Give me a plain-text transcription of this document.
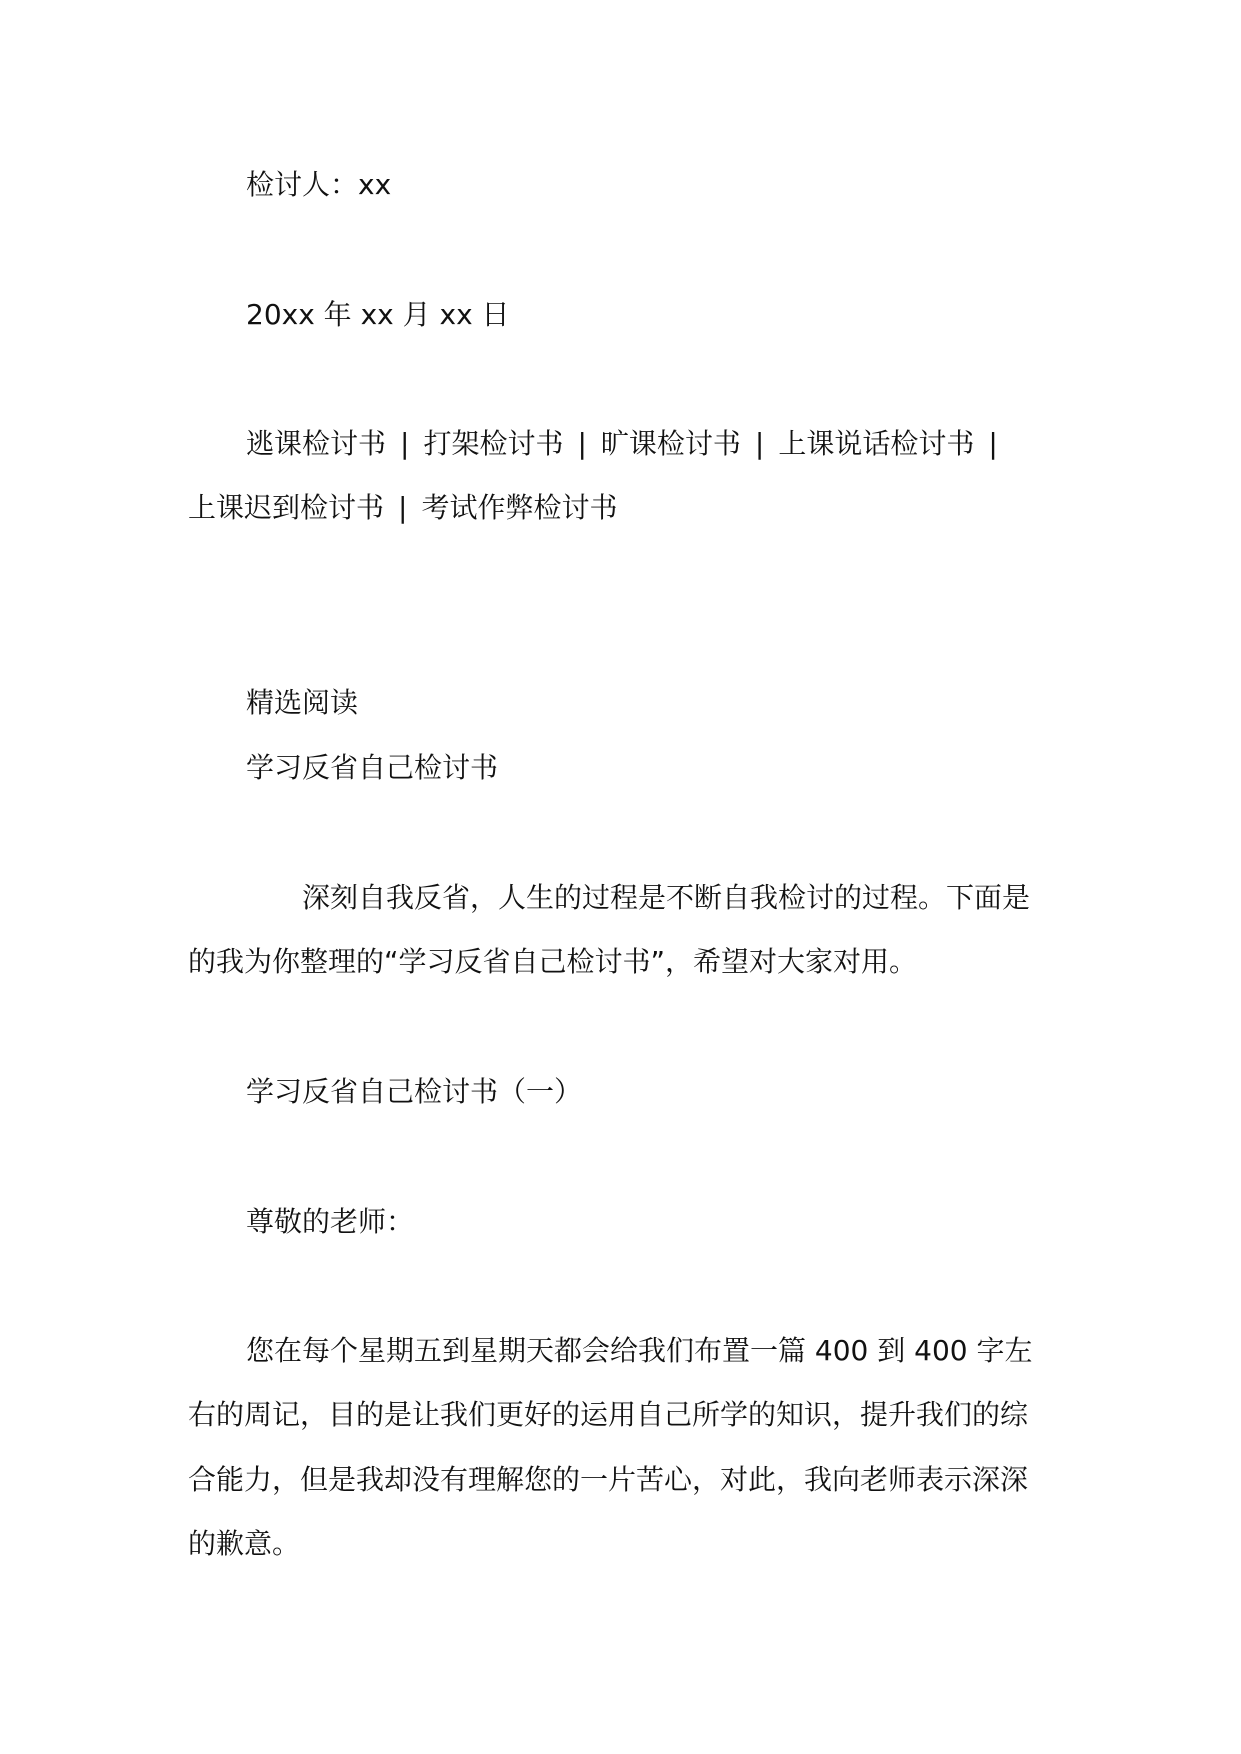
检讨人：xx
20xx 年 xx 月 xx 日
逃课检讨书 | 打架检讨书 | 旷课检讨书 | 上课说话检讨书 |
上课迟到检讨书 | 考试作弊检讨书
精选阅读
学习反省自己检讨书
深刻自我反省，人生的过程是不断自我检讨的过程。下面是
的我为你整理的“学习反省自己检讨书”，希望对大家对用。
学习反省自己检讨书（一）
尊敬的老师：
您在每个星期五到星期天都会给我们布置一篇 400 到 400 字左
右的周记，目的是让我们更好的运用自己所学的知识，提升我们的综
合能力，但是我却没有理解您的一片苦心，对此，我向老师表示深深
的歉意。
